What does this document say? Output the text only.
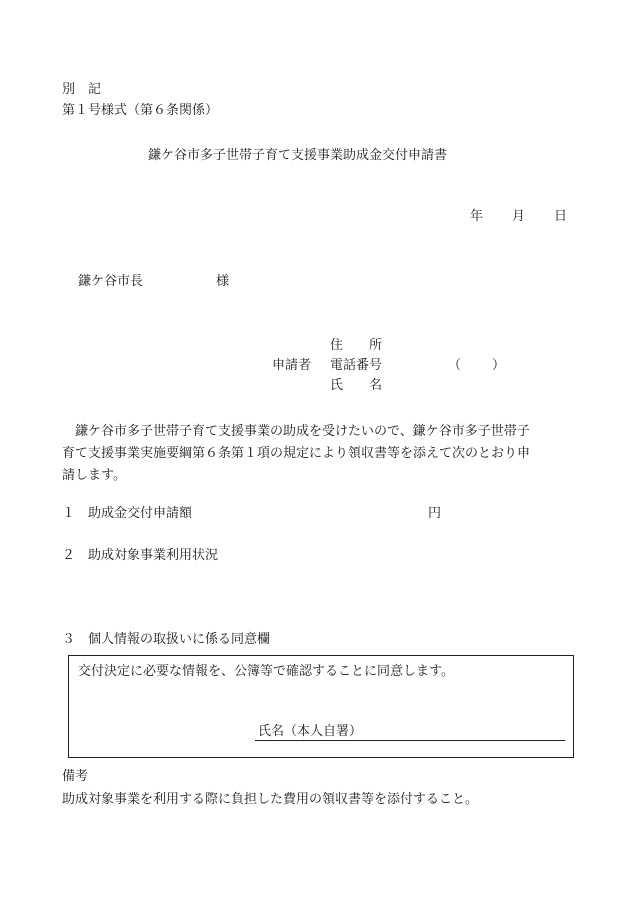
別　記
第１号様式（第６条関係）
鎌ケ谷市多子世帯子育て支援事業助成金交付申請書
年 月 日
鎌ケ谷市長	様
住　　所
申請者 電話番号	（ ）
氏　　名
　鎌ケ谷市多子世帯子育て支援事業の助成を受けたいので、鎌ケ谷市多子世帯子
育て支援事業実施要綱第６条第１項の規定により領収書等を添えて次のとおり申
請します。
１　助成金交付申請額	円
２　助成対象事業利用状況
３　個人情報の取扱いに係る同意欄
交付決定に必要な情報を、公簿等で確認することに同意します。
氏名（本人自署）
備考
助成対象事業を利用する際に負担した費用の領収書等を添付すること。
